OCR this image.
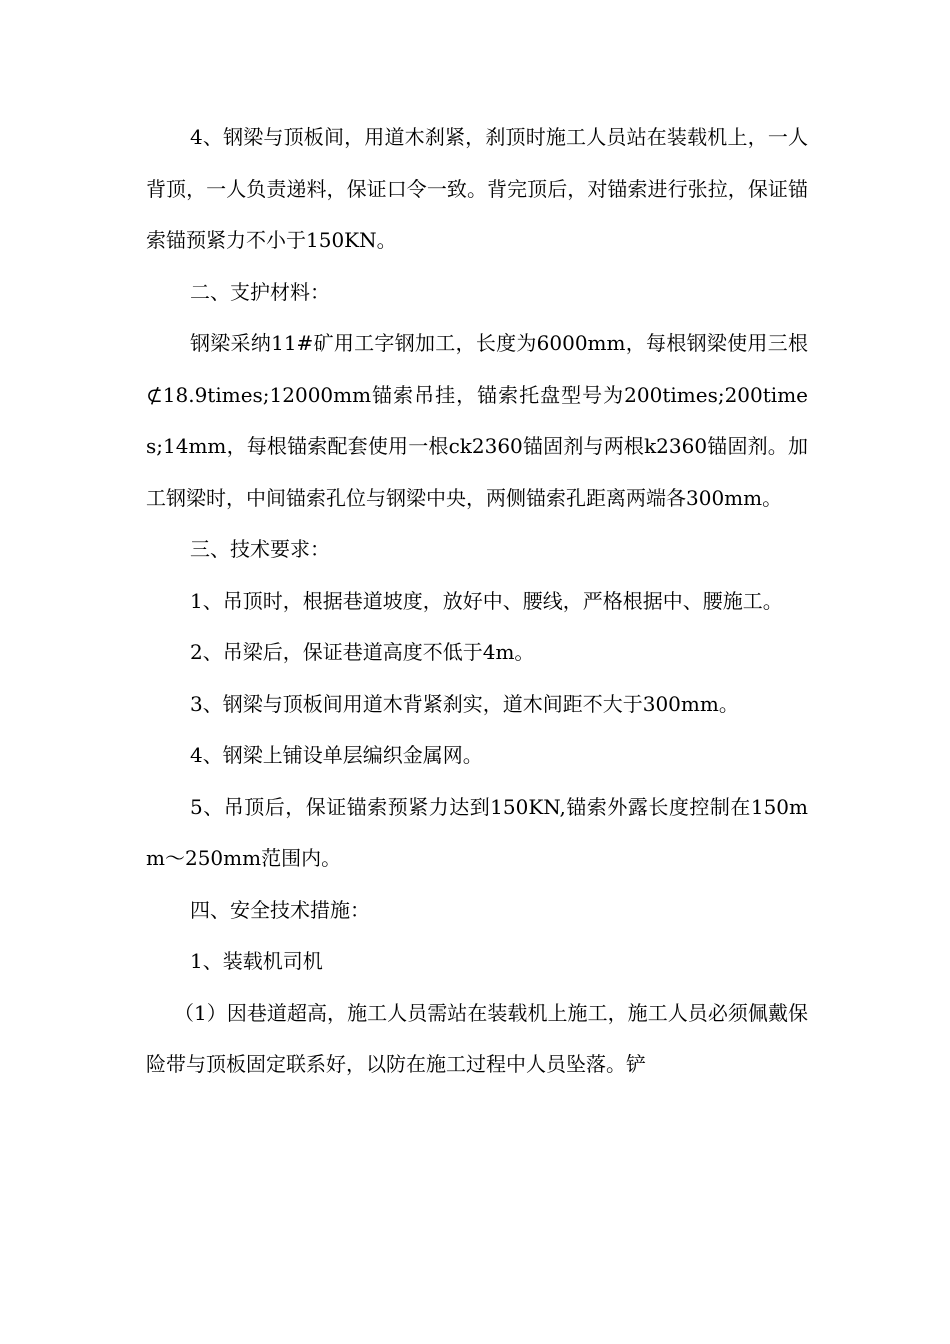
4、钢梁与顶板间，用道木刹紧，刹顶时施工人员站在装载机上，一人背顶，一人负责递料，保证口令一致。背完顶后，对锚索进行张拉，保证锚索锚预紧力不小于150KN。

二、支护材料：

钢梁采纳11#矿用工字钢加工，长度为6000mm，每根钢梁使用三根⊄18.9times;12000mm锚索吊挂，锚索托盘型号为200times;200times;14mm，每根锚索配套使用一根ck2360锚固剂与两根k2360锚固剂。加工钢梁时，中间锚索孔位与钢梁中央，两侧锚索孔距离两端各300mm。

三、技术要求：

1、吊顶时，根据巷道坡度，放好中、腰线，严格根据中、腰施工。

2、吊梁后，保证巷道高度不低于4m。

3、钢梁与顶板间用道木背紧刹实，道木间距不大于300mm。

4、钢梁上铺设单层编织金属网。

5、吊顶后，保证锚索预紧力达到150KN,锚索外露长度控制在150mm～250mm范围内。

四、安全技术措施：

1、装载机司机

（1）因巷道超高，施工人员需站在装载机上施工，施工人员必须佩戴保险带与顶板固定联系好，以防在施工过程中人员坠落。铲
